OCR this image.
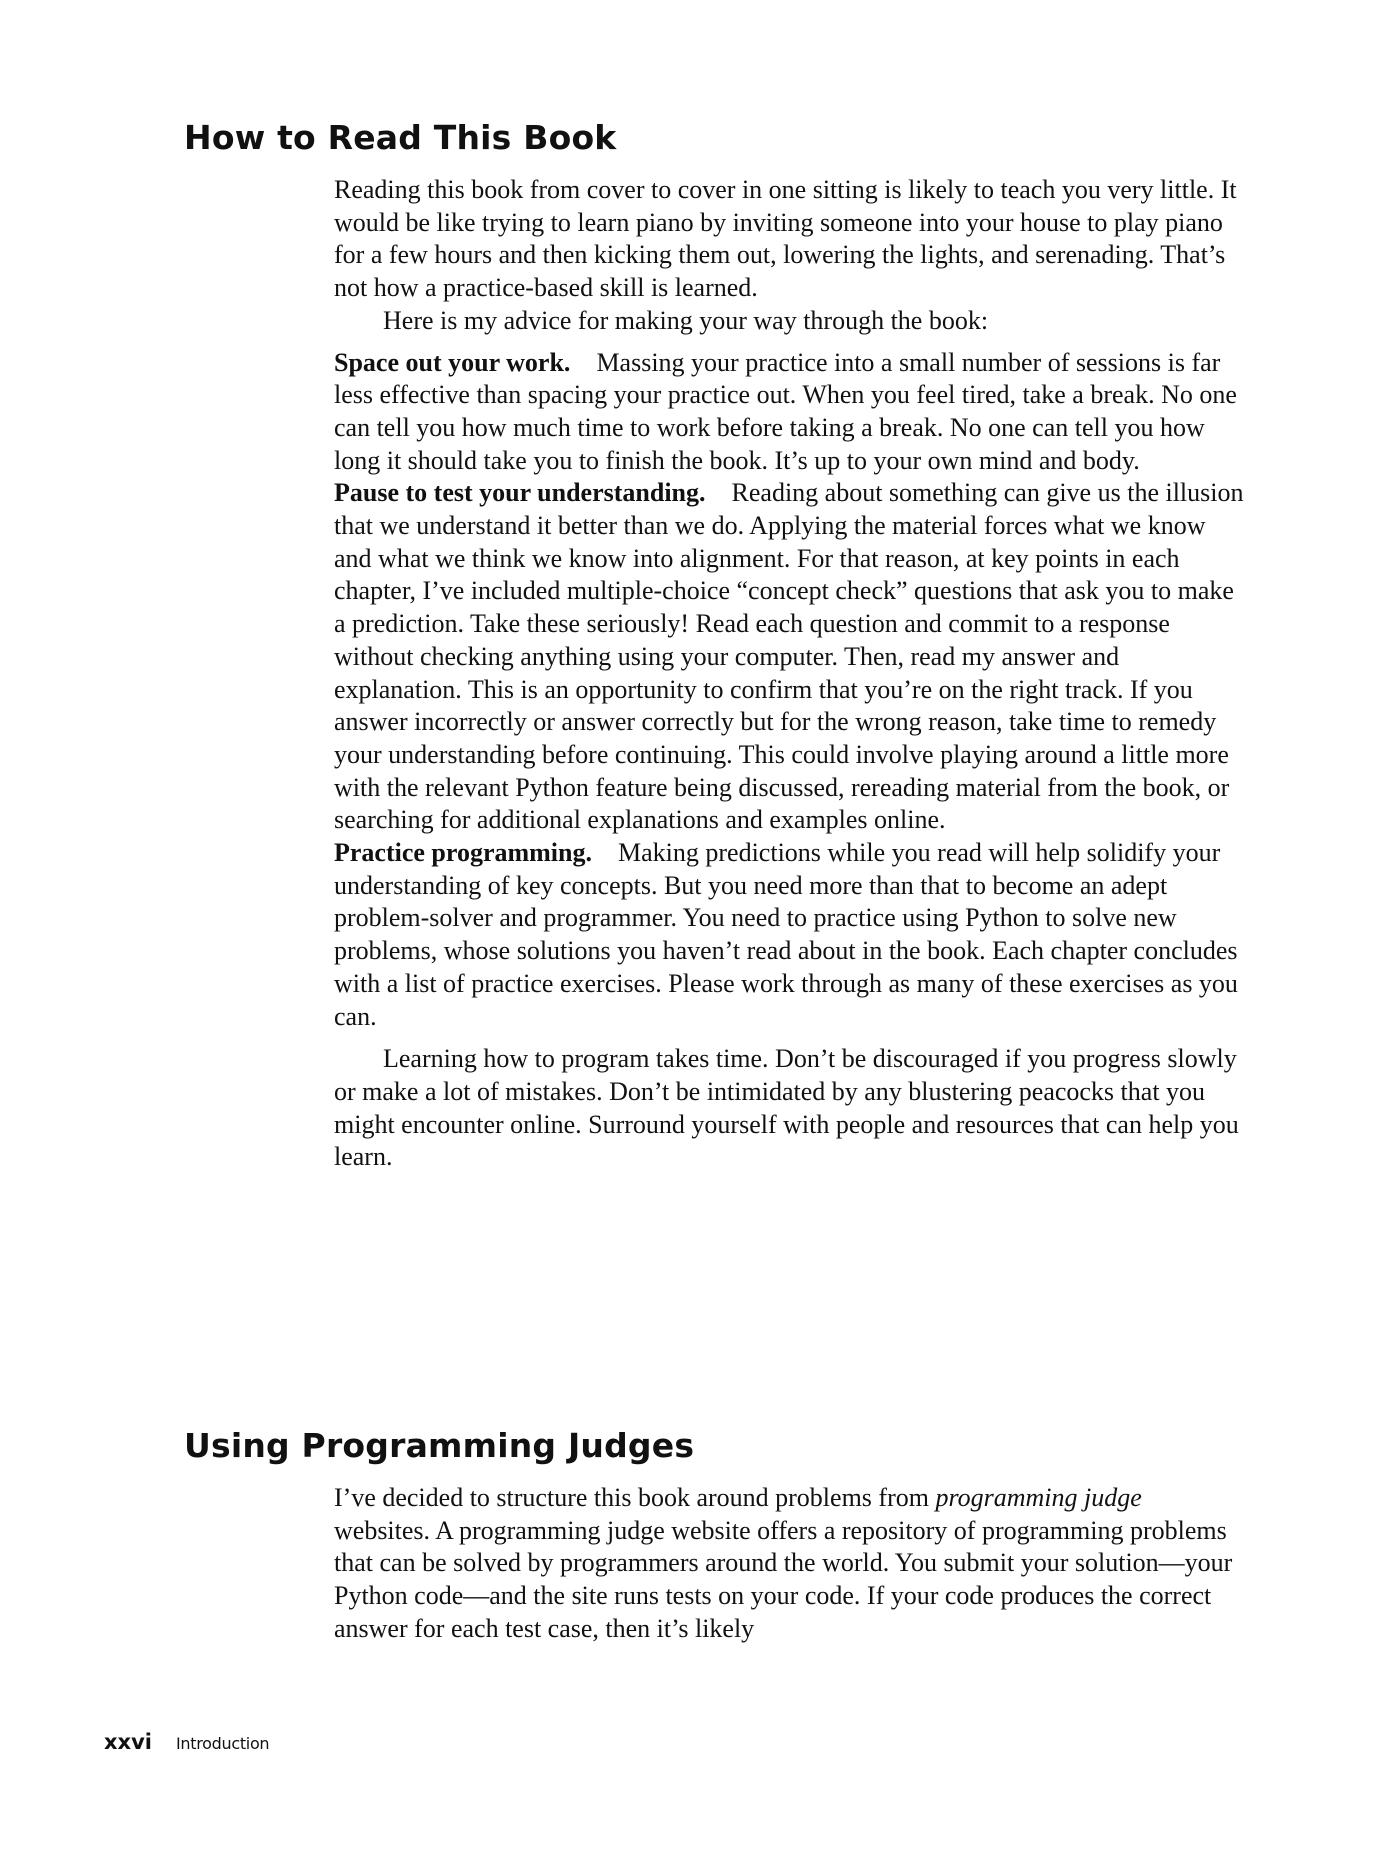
How to Read This Book

Reading this book from cover to cover in one sitting is likely to teach you very little. It would be like trying to learn piano by inviting someone into your house to play piano for a few hours and then kicking them out, lowering the lights, and serenading. That’s not how a practice-based skill is learned.

Here is my advice for making your way through the book:

Space out your work. Massing your practice into a small number of sessions is far less effective than spacing your practice out. When you feel tired, take a break. No one can tell you how much time to work before taking a break. No one can tell you how long it should take you to finish the book. It’s up to your own mind and body.

Pause to test your understanding. Reading about something can give us the illusion that we understand it better than we do. Applying the material forces what we know and what we think we know into alignment. For that reason, at key points in each chapter, I’ve included multiple-choice “concept check” questions that ask you to make a prediction. Take these seriously! Read each question and commit to a response without checking anything using your computer. Then, read my answer and explanation. This is an opportunity to confirm that you’re on the right track. If you answer incorrectly or answer correctly but for the wrong reason, take time to remedy your understanding before continuing. This could involve playing around a little more with the relevant Python feature being discussed, rereading material from the book, or searching for additional explanations and examples online.

Practice programming. Making predictions while you read will help solidify your understanding of key concepts. But you need more than that to become an adept problem-solver and programmer. You need to practice using Python to solve new problems, whose solutions you haven’t read about in the book. Each chapter concludes with a list of practice exercises. Please work through as many of these exercises as you can.

Learning how to program takes time. Don’t be discouraged if you progress slowly or make a lot of mistakes. Don’t be intimidated by any blustering peacocks that you might encounter online. Surround yourself with people and resources that can help you learn.

Using Programming Judges

I’ve decided to structure this book around problems from programming judge websites. A programming judge website offers a repository of programming problems that can be solved by programmers around the world. You submit your solution—your Python code—and the site runs tests on your code. If your code produces the correct answer for each test case, then it’s likely

xxvi Introduction
